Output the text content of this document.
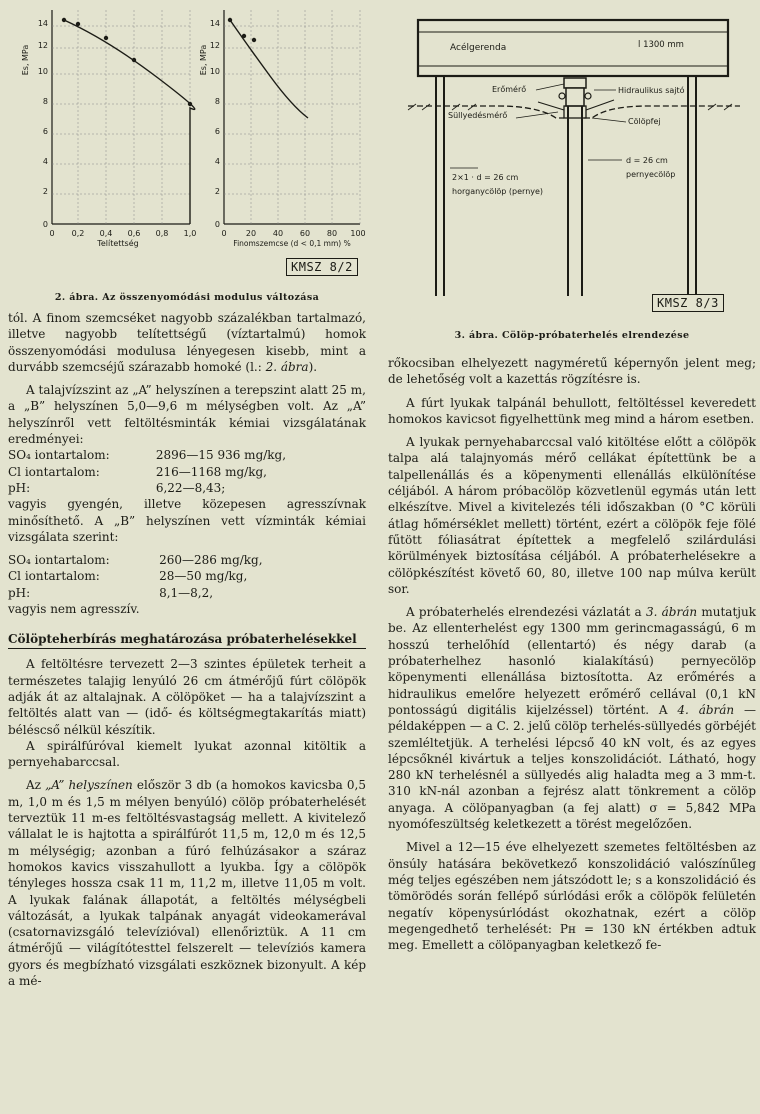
14
12
10
8
6
4
2
0
0 0,2 0,4 0,6 0,8 1,0
Telítettség
Es, MPa
14
12
10
8
6
4
2
0
0 20 40 60 80 100
Finomszemcse (d < 0,1 mm) %
Es, MPa
KMSZ 8/2
2. ábra. Az összenyomódási modulus változása

tól. A finom szemcséket nagyobb százalékban tartalmazó, illetve nagyobb telítettségű (víztartalmú) homok összenyomódási modulusa lényegesen kisebb, mint a durvább szemcséjű szárazabb homoké (l.: 2. ábra).

A talajvízszint az „A” helyszínen a terepszint alatt 25 m, a „B” helyszínen 5,0—9,6 m mélységben volt. Az „A” helyszínről vett feltöltésminták kémiai vizsgálatának eredményei:

SO₄ iontartalom:	2896—15 936 mg/kg,
Cl iontartalom:	216—1168 mg/kg,
pH:	6,22—8,43;

vagyis gyengén, illetve közepesen agresszívnak minősíthető. A „B” helyszínen vett vízminták kémiai vizsgálata szerint:

SO₄ iontartalom:	260—286 mg/kg,
Cl iontartalom:	28—50 mg/kg,
pH:	8,1—8,2,

vagyis nem agresszív.

Cölöpteherbírás meghatározása próbaterhelésekkel

A feltöltésre tervezett 2—3 szintes épületek terheit a természetes talajig lenyúló 26 cm átmérőjű fúrt cölöpök adják át az altalajnak. A cölöpöket — ha a talajvízszint a feltöltés alatt van — (idő- és költségmegtakarítás miatt) béléscső nélkül készítik.

A spirálfúróval kiemelt lyukat azonnal kitöltik a pernyehabarccsal.

Az „A” helyszínen először 3 db (a homokos kavicsba 0,5 m, 1,0 m és 1,5 m mélyen benyúló) cölöp próbaterhelését terveztük 11 m-es feltöltésvastagság mellett. A kivitelező vállalat le is hajtotta a spirálfúrót 11,5 m, 12,0 m és 12,5 m mélységig; azonban a fúró felhúzásakor a száraz homokos kavics visszahullott a lyukba. Így a cölöpök tényleges hossza csak 11 m, 11,2 m, illetve 11,05 m volt. A lyukak falának állapotát, a feltöltés mélységbeli változását, a lyukak talpának anyagát videokamerával (csatornavizsgáló televízióval) ellenőriztük. A 11 cm átmérőjű — világítótesttel felszerelt — televíziós kamera gyors és megbízható vizsgálati eszköznek bizonyult. A kép a mé-

Acélgerenda	l 1300 mm
Erőmérő	Hidraulikus sajtó
Süllyedésmérő
Cölöpfej
d = 26 cm
pernyecölöp
2×1 · d = 26 cm
horganycölöp (pernye)
KMSZ 8/3
3. ábra. Cölöp-próbaterhelés elrendezése

rőkocsiban elhelyezett nagyméretű képernyőn jelent meg; de lehetőség volt a kazettás rögzítésre is.

A fúrt lyukak talpánál behullott, feltöltéssel keveredett homokos kavicsot figyelhettünk meg mind a három esetben.

A lyukak pernyehabarccsal való kitöltése előtt a cölöpök talpa alá talajnyomás mérő cellákat építettünk be a talpellenállás és a köpenymenti ellenállás elkülönítése céljából. A három próbacölöp közvetlenül egymás után lett elkészítve. Mivel a kivitelezés téli időszakban (0 °C körüli átlag hőmérséklet mellett) történt, ezért a cölöpök feje fölé fűtött fóliasátrat építettek a megfelelő szilárdulási körülmények biztosítása céljából. A próbaterhelésekre a cölöpkészítést követő 60, 80, illetve 100 nap múlva került sor.

A próbaterhelés elrendezési vázlatát a 3. ábrán mutatjuk be. Az ellenterhelést egy 1300 mm gerincmagasságú, 6 m hosszú terhelőhíd (ellentartó) és négy darab (a próbaterhelhez hasonló kialakítású) pernyecölöp köpenymenti ellenállása biztosította. Az erőmérés a hidraulikus emelőre helyezett erőmérő cellával (0,1 kN pontosságú digitális kijelzéssel) történt. A 4. ábrán — példaképpen — a C. 2. jelű cölöp terhelés-süllyedés görbéjét szemléltetjük. A terhelési lépcső 40 kN volt, és az egyes lépcsőknél kivártuk a teljes konszolidációt. Látható, hogy 280 kN terhelésnél a süllyedés alig haladta meg a 3 mm-t. 310 kN-nál azonban a fejrész alatt tönkrement a cölöp anyaga. A cölöpanyagban (a fej alatt) σ = 5,842 MPa nyomófeszültség keletkezett a törést megelőzően.

Mivel a 12—15 éve elhelyezett szemetes feltöltésben az önsúly hatására bekövetkező konszolidáció valószínűleg még teljes egészében nem játszódott le; s a konszolidáció és tömörödés során fellépő súrlódási erők a cölöpök felületén negatív köpenysúrlódást okozhatnak, ezért a cölöp megengedhető terhelését: Pн = 130 kN értékben adtuk meg. Emellett a cölöpanyagban keletkező fe-
